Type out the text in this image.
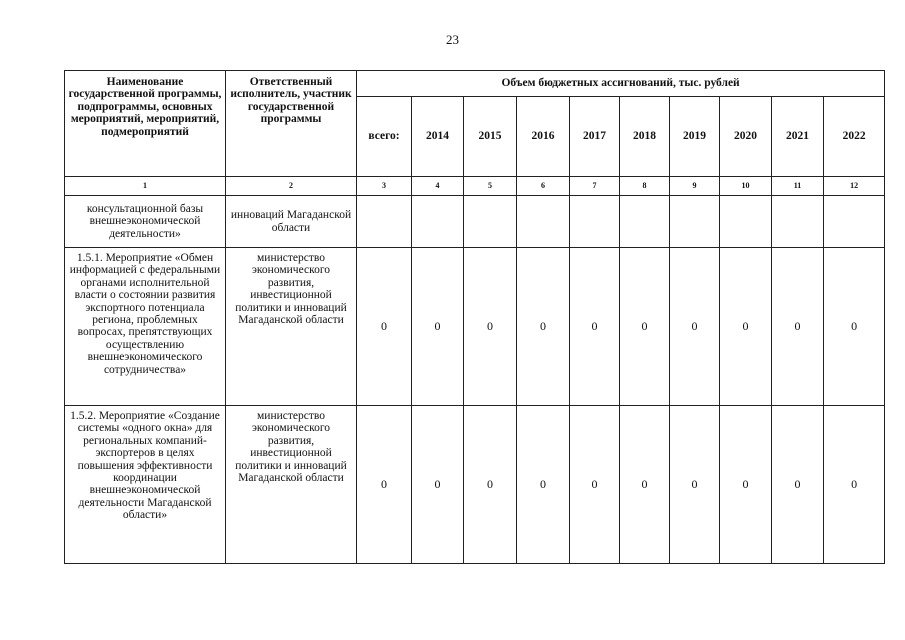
23
Наименование государственной программы, подпрограммы, основных мероприятий, мероприятий, подмероприятий	Ответственный исполнитель, участник государственной программы	Объем бюджетных ассигнований, тыс. рублей									
		всего:	2014	2015	2016	2017	2018	2019	2020	2021	2022
1	2	3	4	5	6	7	8	9	10	11	12
консультационной базы внешнеэкономической деятельности»	инноваций Магаданской области										
1.5.1. Мероприятие «Обмен информацией с федеральными органами исполнительной власти о состоянии развития экспортного потенциала региона, проблемных вопросах, препятствующих осуществлению внешнеэкономического сотрудничества»	министерство экономического развития, инвестиционной политики и инноваций Магаданской области	0	0	0	0	0	0	0	0	0	0
1.5.2. Мероприятие «Создание системы «одного окна» для региональных компаний-экспортеров в целях повышения эффективности координации внешнеэкономической деятельности Магаданской области»	министерство экономического развития, инвестиционной политики и инноваций Магаданской области	0	0	0	0	0	0	0	0	0	0
